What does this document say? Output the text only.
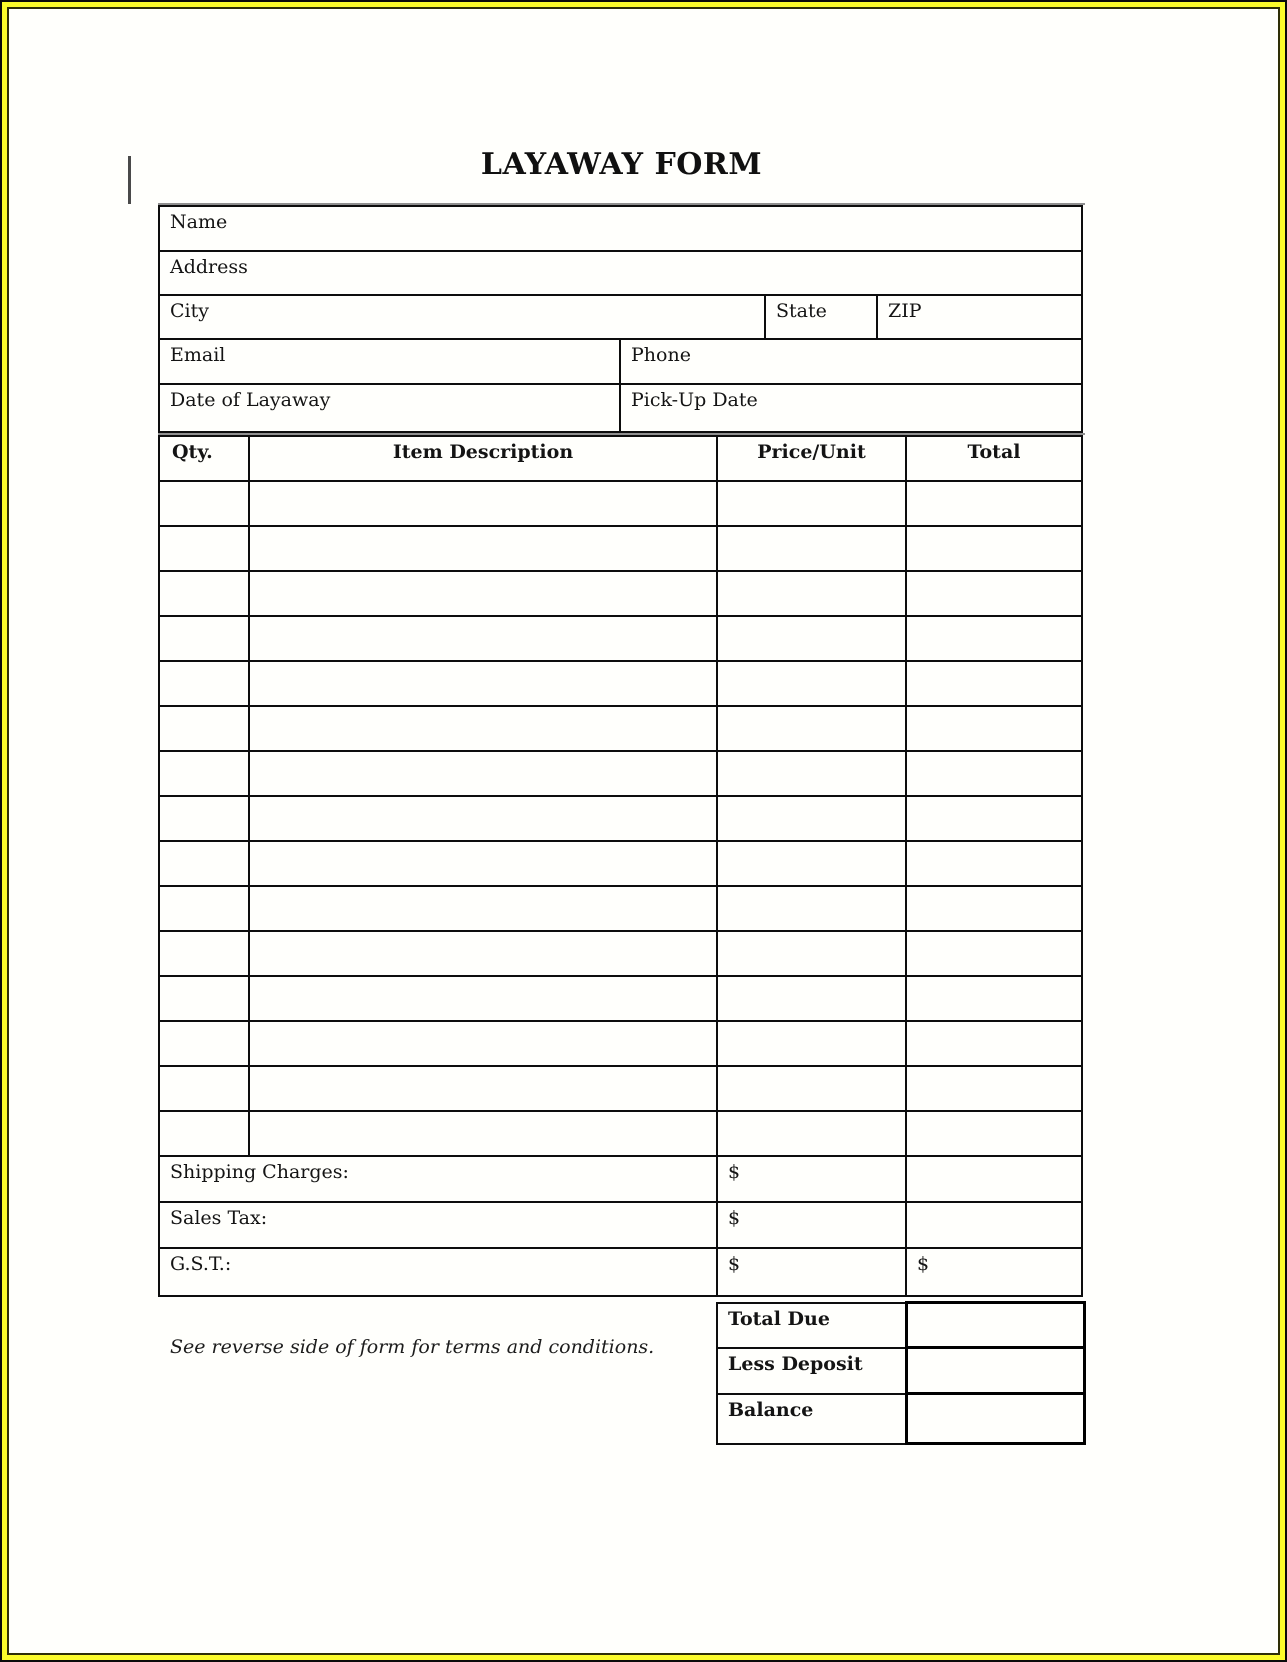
LAYAWAY FORM
Name			
Address			
City		State	ZIP
Email	Phone		
Date of Layaway	Pick-Up Date		
Qty.	Item Description	Price/Unit	Total

Shipping Charges:		$	
Sales Tax:		$	
G.S.T.:		$	$
Total Due	
Less Deposit	
Balance	
See reverse side of form for terms and conditions.
